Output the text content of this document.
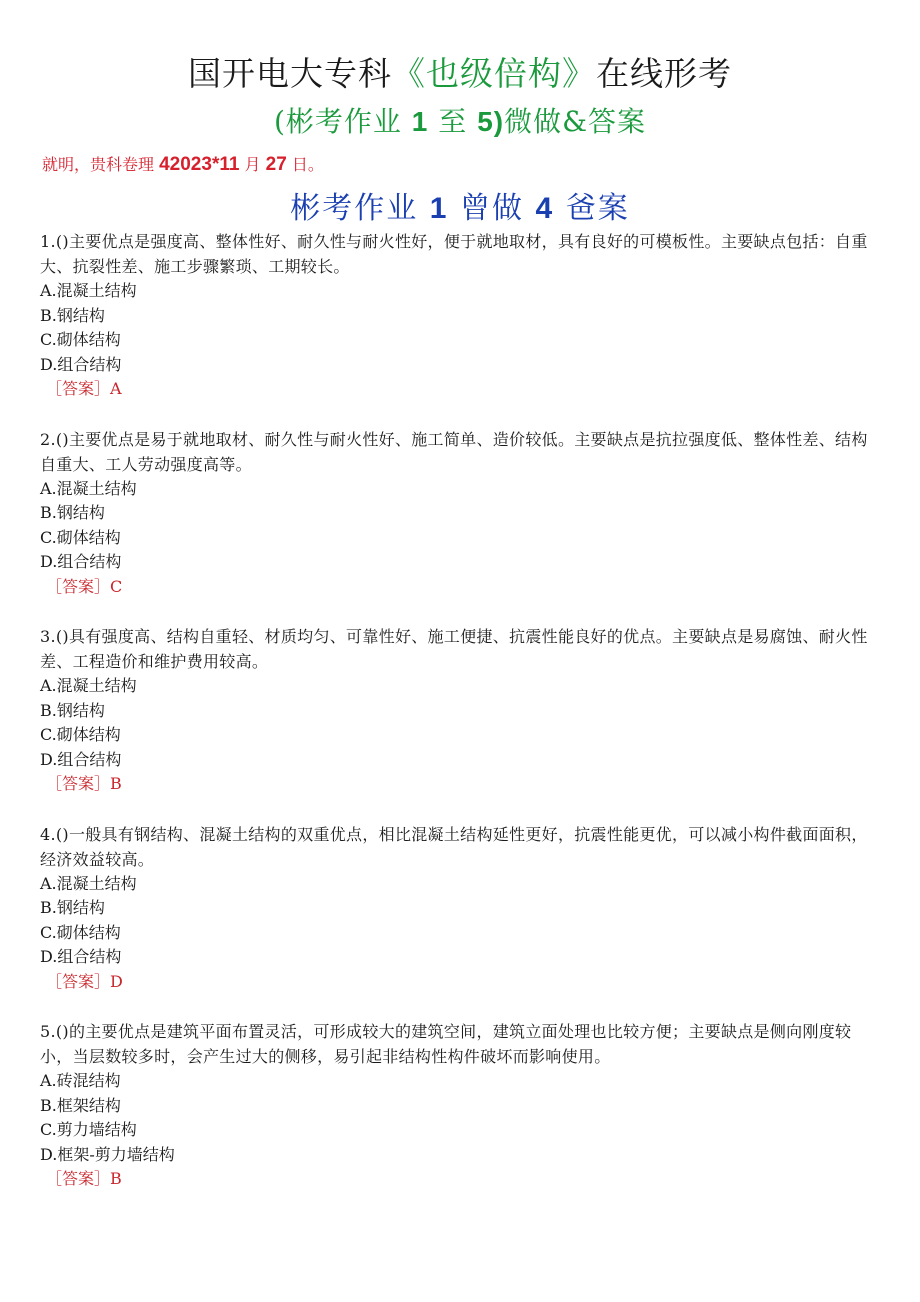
国开电大专科《也级倍构》在线形考
(彬考作业 1 至 5)微做&答案
就明，贵科卷理 42023*11 月 27 日。
彬考作业 1 曾做 4 爸案
1.()主要优点是强度高、整体性好、耐久性与耐火性好，便于就地取材，具有良好的可模板性。主要缺点包括：自重大、抗裂性差、施工步骤繁琐、工期较长。
A.混凝土结构
B.钢结构
C.砌体结构
D.组合结构
［答案］A
2.()主要优点是易于就地取材、耐久性与耐火性好、施工简单、造价较低。主要缺点是抗拉强度低、整体性差、结构自重大、工人劳动强度高等。
A.混凝土结构
B.钢结构
C.砌体结构
D.组合结构
［答案］C
3.()具有强度高、结构自重轻、材质均匀、可靠性好、施工便捷、抗震性能良好的优点。主要缺点是易腐蚀、耐火性差、工程造价和维护费用较高。
A.混凝土结构
B.钢结构
C.砌体结构
D.组合结构
［答案］B
4.()一般具有钢结构、混凝土结构的双重优点，相比混凝土结构延性更好，抗震性能更优，可以减小构件截面面积，经济效益较高。
A.混凝土结构
B.钢结构
C.砌体结构
D.组合结构
［答案］D
5.()的主要优点是建筑平面布置灵活，可形成较大的建筑空间，建筑立面处理也比较方便；主要缺点是侧向刚度较小，当层数较多时，会产生过大的侧移，易引起非结构性构件破坏而影响使用。
A.砖混结构
B.框架结构
C.剪力墙结构
D.框架-剪力墙结构
［答案］B
